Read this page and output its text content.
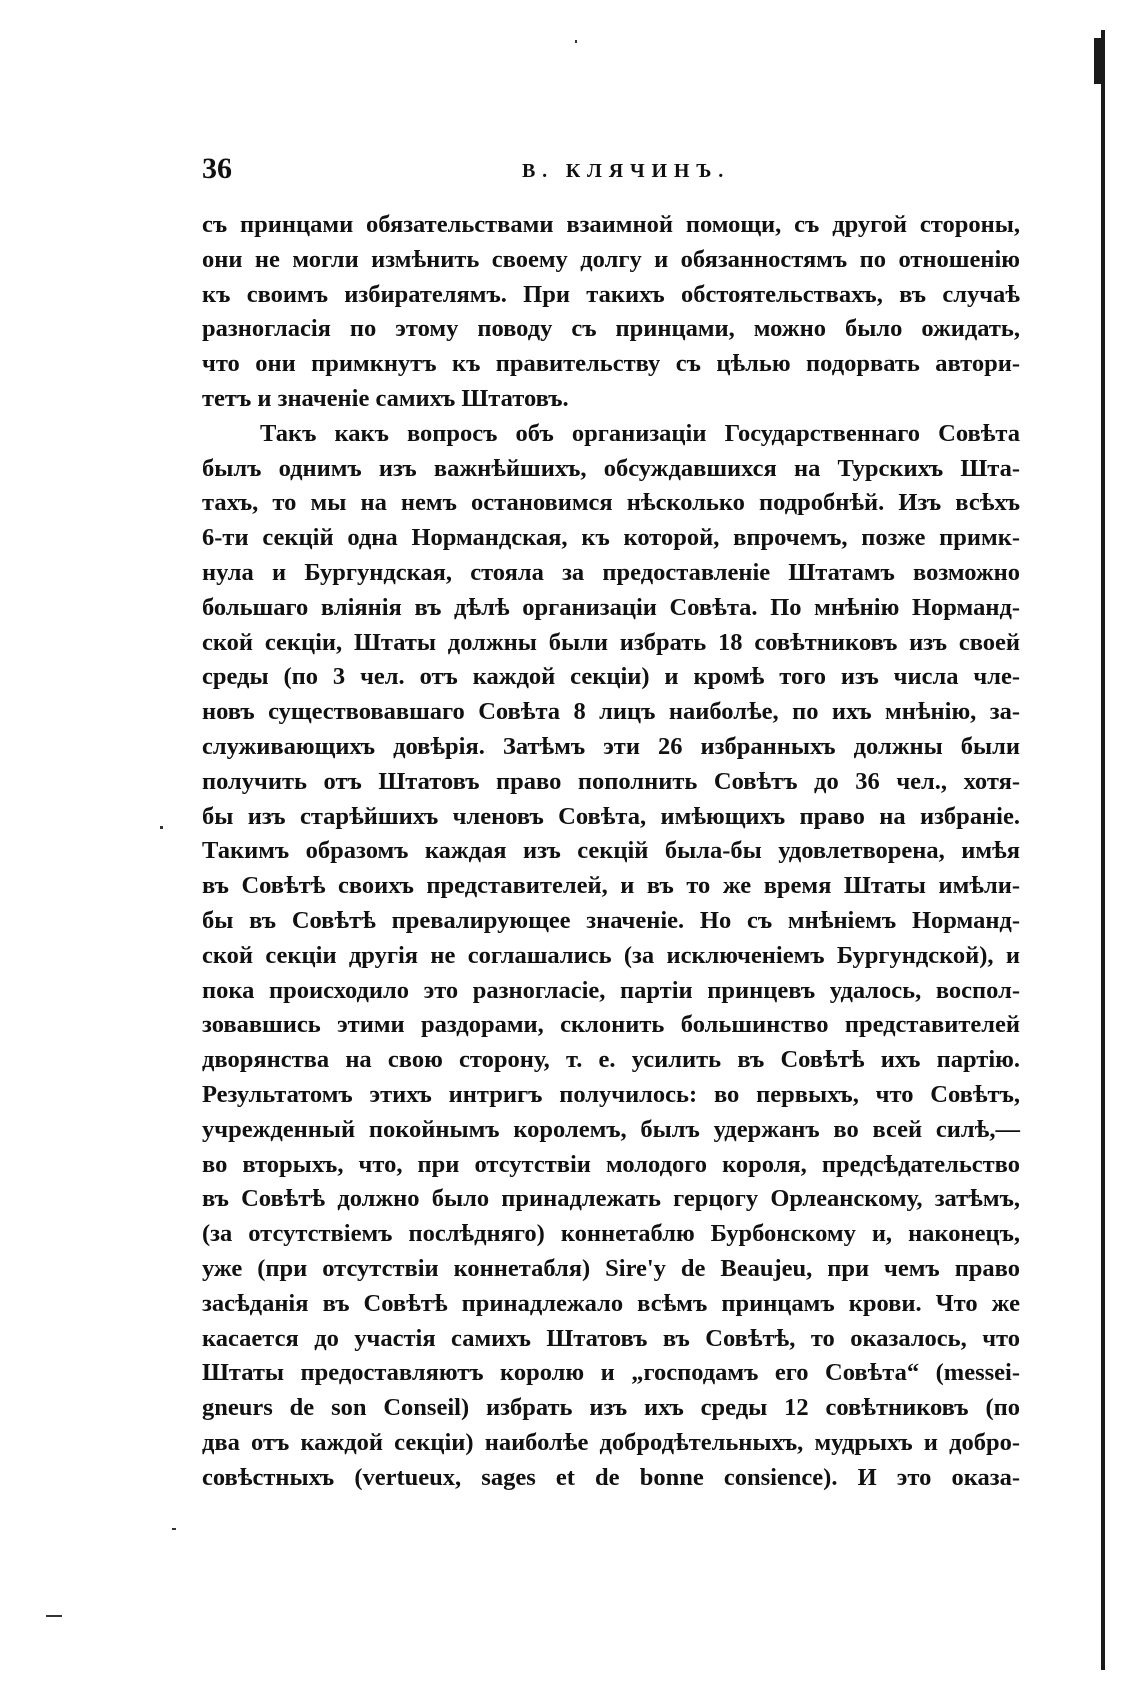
36	В. КЛЯЧИНЪ.
съ принцами обязательствами взаимной помощи, съ другой стороны,
они не могли измѣнить своему долгу и обязанностямъ по отношенію
къ своимъ избирателямъ. При такихъ обстоятельствахъ, въ случаѣ
разногласія по этому поводу съ принцами, можно было ожидать,
что они примкнутъ къ правительству съ цѣлью подорвать автори-
тетъ и значеніе самихъ Штатовъ.
Такъ какъ вопросъ объ организаціи Государственнаго Совѣта
былъ однимъ изъ важнѣйшихъ, обсуждавшихся на Турскихъ Шта-
тахъ, то мы на немъ остановимся нѣсколько подробнѣй. Изъ всѣхъ
6-ти секцій одна Нормандская, къ которой, впрочемъ, позже примк-
нула и Бургундская, стояла за предоставленіе Штатамъ возможно
большаго вліянія въ дѣлѣ организаціи Совѣта. По мнѣнію Норманд-
ской секціи, Штаты должны были избрать 18 совѣтниковъ изъ своей
среды (по 3 чел. отъ каждой секціи) и кромѣ того изъ числа чле-
новъ существовавшаго Совѣта 8 лицъ наиболѣе, по ихъ мнѣнію, за-
служивающихъ довѣрія. Затѣмъ эти 26 избранныхъ должны были
получить отъ Штатовъ право пополнить Совѣтъ до 36 чел., хотя-
бы изъ старѣйшихъ членовъ Совѣта, имѣющихъ право на избраніе.
Такимъ образомъ каждая изъ секцій была-бы удовлетворена, имѣя
въ Совѣтѣ своихъ представителей, и въ то же время Штаты имѣли-
бы въ Совѣтѣ превалирующее значеніе. Но съ мнѣніемъ Норманд-
ской секціи другія не соглашались (за исключеніемъ Бургундской), и
пока происходило это разногласіе, партіи принцевъ удалось, воспол-
зовавшись этими раздорами, склонить большинство представителей
дворянства на свою сторону, т. е. усилить въ Совѣтѣ ихъ партію.
Результатомъ этихъ интригъ получилось: во первыхъ, что Совѣтъ,
учрежденный покойнымъ королемъ, былъ удержанъ во всей силѣ,—
во вторыхъ, что, при отсутствіи молодого короля, предсѣдательство
въ Совѣтѣ должно было принадлежать герцогу Орлеанскому, затѣмъ,
(за отсутствіемъ послѣдняго) коннетаблю Бурбонскому и, наконецъ,
уже (при отсутствіи коннетабля) Sire'у de Beaujeu, при чемъ право
засѣданія въ Совѣтѣ принадлежало всѣмъ принцамъ крови. Что же
касается до участія самихъ Штатовъ въ Совѣтѣ, то оказалось, что
Штаты предоставляютъ королю и „господамъ его Совѣта“ (messei-
gneurs de son Conseil) избрать изъ ихъ среды 12 совѣтниковъ (по
два отъ каждой секціи) наиболѣе добродѣтельныхъ, мудрыхъ и добро-
совѣстныхъ (vertueux, sages et de bonne consience). И это оказа-
